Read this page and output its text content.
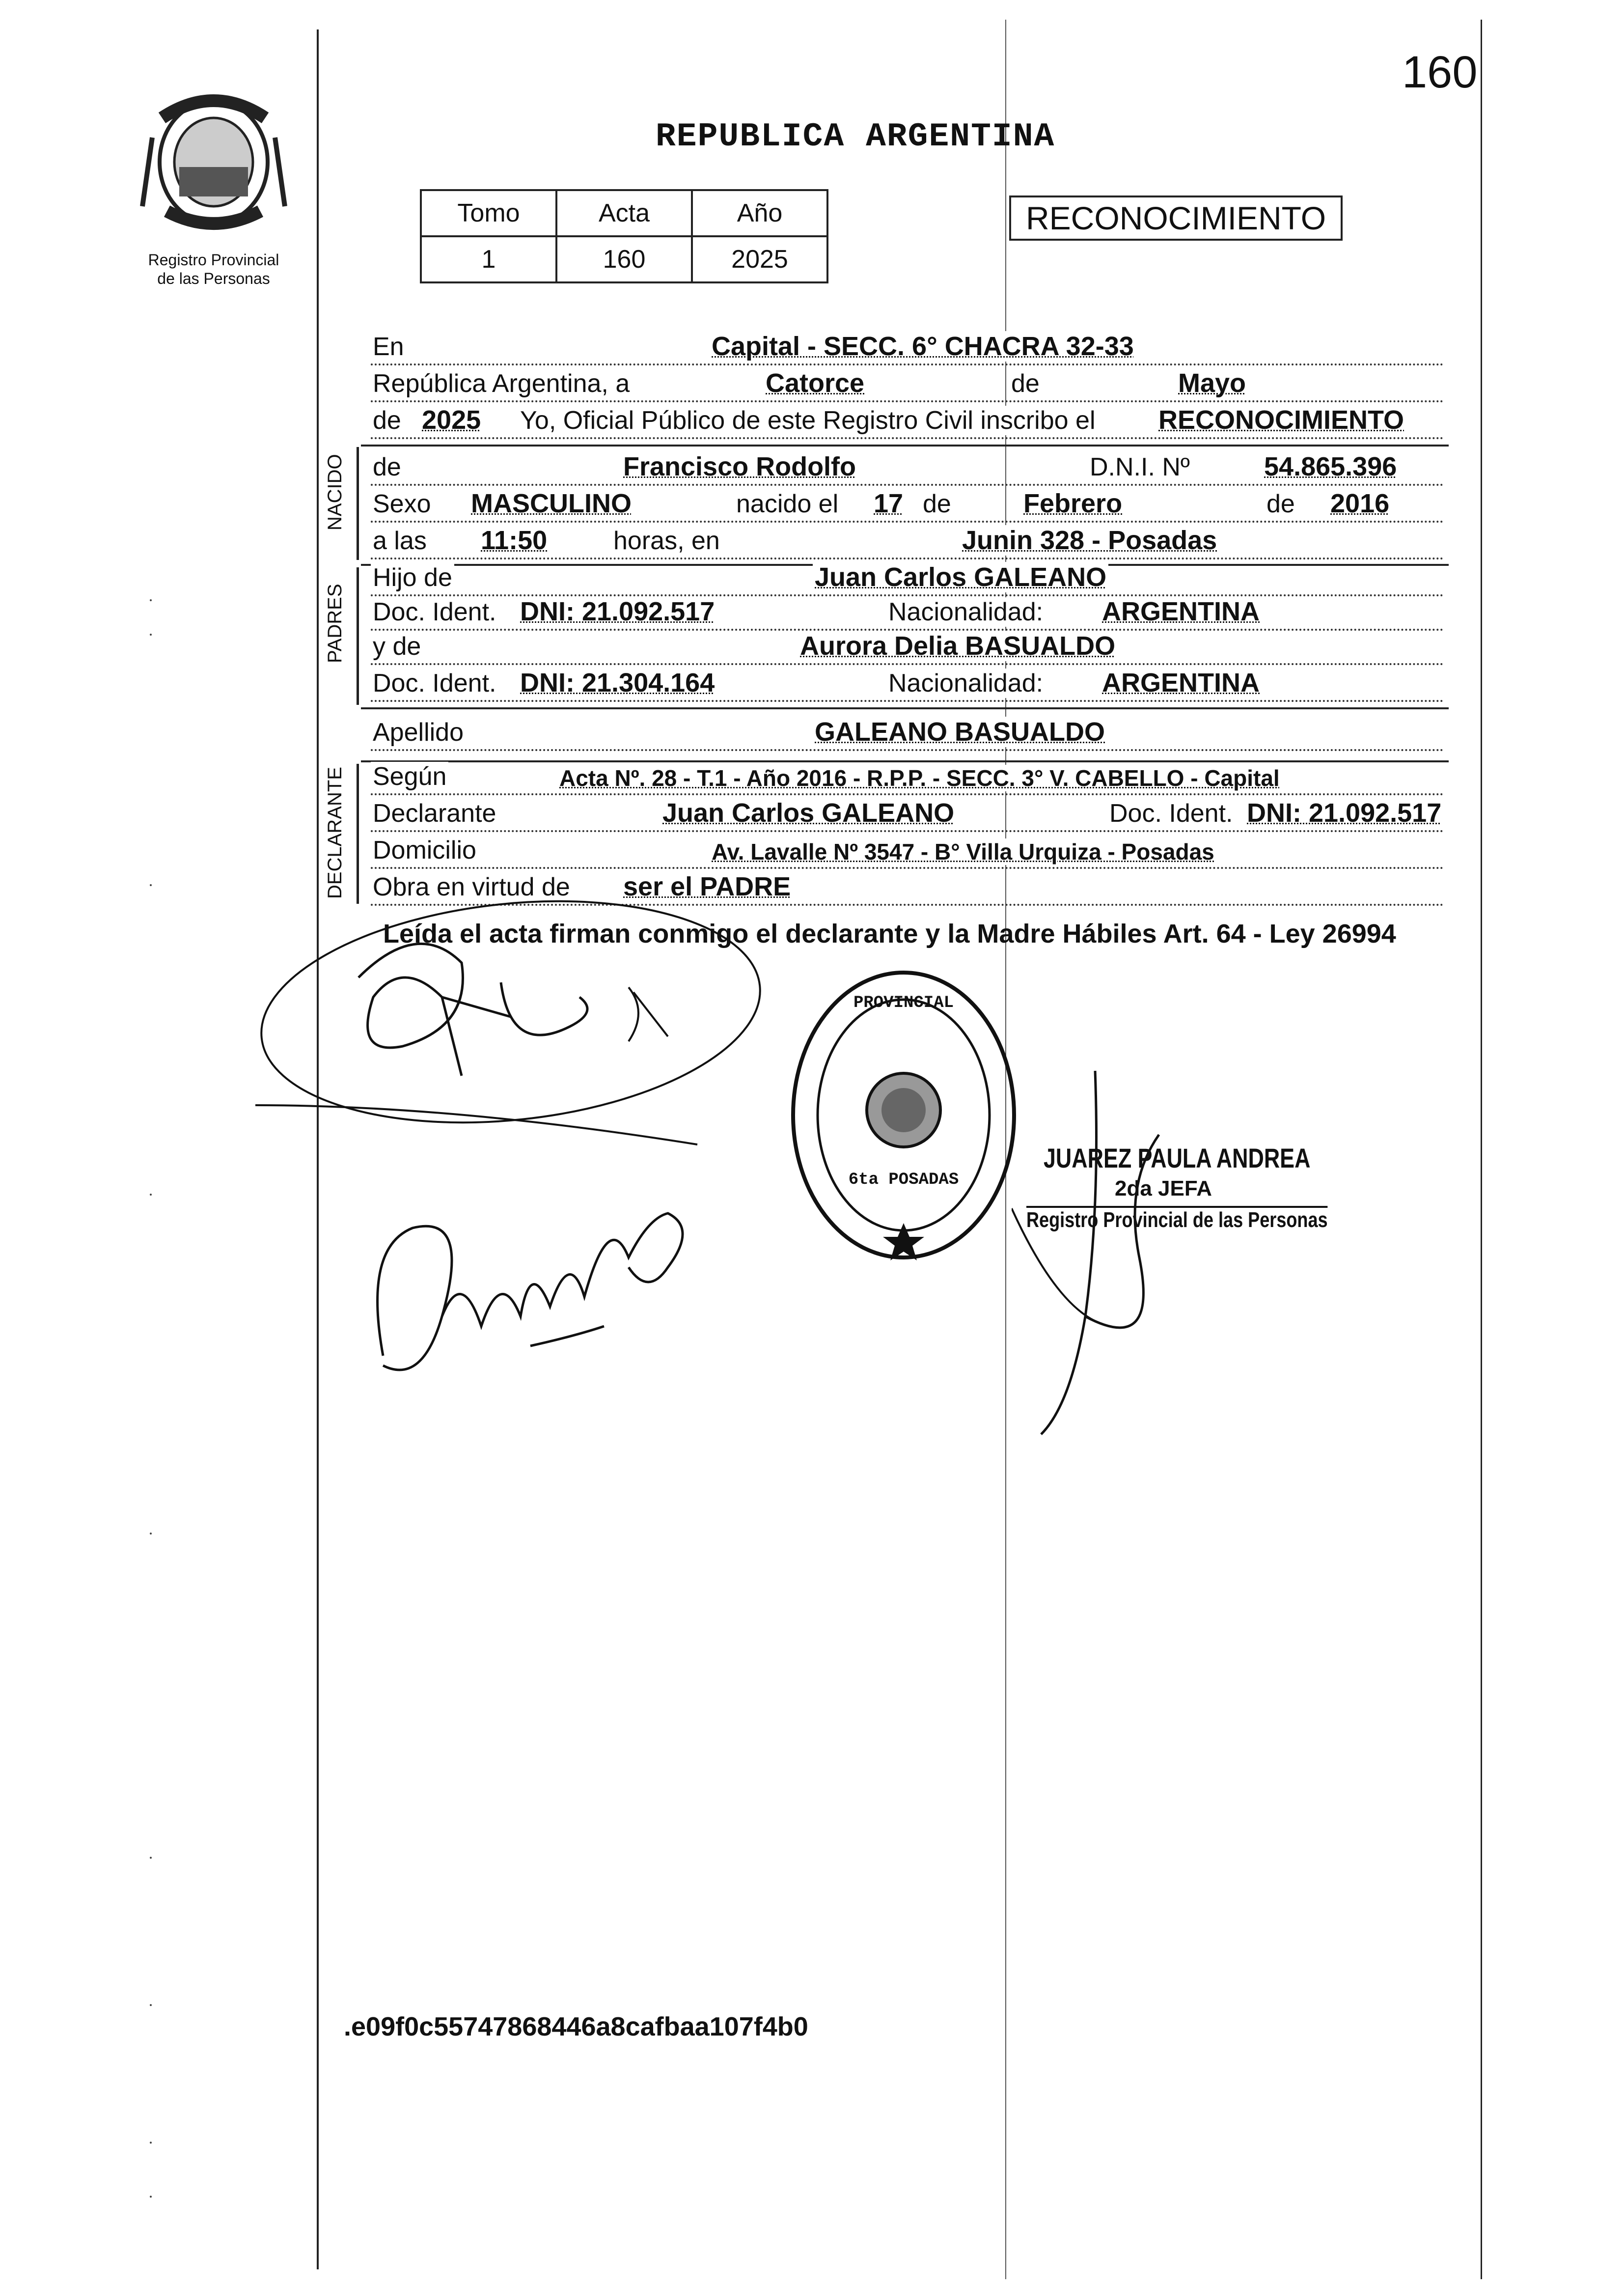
160
Registro Provincial
de las Personas
REPUBLICA ARGENTINA
Tomo	Acta	Año
1	160	2025
RECONOCIMIENTO
En	Capital - SECC. 6° CHACRA 32-33
República Argentina, a	Catorce	de	Mayo
de 2025 Yo, Oficial Público de este Registro Civil inscribo el RECONOCIMIENTO
de	Francisco Rodolfo	D.N.I. Nº	54.865.396
Sexo MASCULINO	nacido el 17 de	Febrero	de 2016
a las 11:50	horas, en	Junin 328 - Posadas
Hijo de	Juan Carlos GALEANO
Doc. Ident. DNI: 21.092.517	Nacionalidad: ARGENTINA
y de	Aurora Delia BASUALDO
Doc. Ident. DNI: 21.304.164	Nacionalidad: ARGENTINA
Apellido	GALEANO BASUALDO
Según	Acta Nº. 28 - T.1 - Año 2016 - R.P.P. - SECC. 3° V. CABELLO - Capital
Declarante	Juan Carlos GALEANO	Doc. Ident. DNI: 21.092.517
Domicilio	Av. Lavalle Nº 3547 - B° Villa Urquiza - Posadas
Obra en virtud de ser el PADRE
NACIDO
PADRES
DECLARANTE
Leída el acta firman conmigo el declarante y la Madre Hábiles Art. 64 - Ley 26994
PROVINCIAL
6ta POSADAS
JUAREZ PAULA ANDREA
2da JEFA
Registro Provincial de las Personas
.e09f0c55747868446a8cafbaa107f4b0
